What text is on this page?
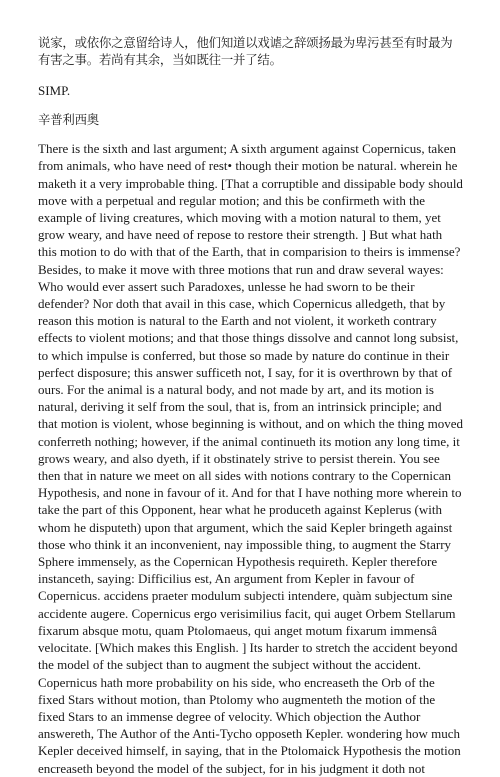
说家，或依你之意留给诗人，他们知道以戏谑之辞颂扬最为卑污甚至有时最为有害之事。若尚有其余，当如既往一并了结。

SIMP.

辛普利西奥

There is the sixth and last argument; A sixth argument against Copernicus, taken from animals, who have need of rest• though their motion be natural. wherein he maketh it a very improbable thing. [That a corruptible and dissipable body should move with a perpetual and regular motion; and this be confirmeth with the example of living creatures, which moving with a motion natural to them, yet grow weary, and have need of repose to restore their strength. ] But what hath this motion to do with that of the Earth, that in comparision to theirs is immense? Besides, to make it move with three motions that run and draw several wayes: Who would ever assert such Paradoxes, unlesse he had sworn to be their defender? Nor doth that avail in this case, which Copernicus alledgeth, that by reason this motion is natural to the Earth and not violent, it worketh contrary effects to violent motions; and that those things dissolve and cannot long subsist, to which impulse is conferred, but those so made by nature do continue in their perfect disposure; this answer sufficeth not, I say, for it is overthrown by that of ours. For the animal is a natural body, and not made by art, and its motion is natural, deriving it self from the soul, that is, from an intrinsick principle; and that motion is violent, whose beginning is without, and on which the thing moved conferreth nothing; however, if the animal continueth its motion any long time, it grows weary, and also dyeth, if it obstinately strive to persist therein. You see then that in nature we meet on all sides with notions contrary to the Copernican Hypothesis, and none in favour of it. And for that I have nothing more wherein to take the part of this Opponent, hear what he produceth against Keplerus (with whom he disputeth) upon that argument, which the said Kepler bringeth against those who think it an inconvenient, nay impossible thing, to augment the Starry Sphere immensely, as the Copernican Hypothesis requireth. Kepler therefore instanceth, saying: Difficilius est, An argument from Kepler in favour of Copernicus. accidens praeter modulum subjecti intendere, quàm subjectum sine accidente augere. Copernicus ergo verisimilius facit, qui auget Orbem Stellarum fixarum absque motu, quam Ptolomaeus, qui anget motum fixarum immensâ velocitate. [Which makes this English. ] Its harder to stretch the accident beyond the model of the subject than to augment the subject without the accident. Copernicus hath more probability on his side, who encreaseth the Orb of the fixed Stars without motion, than Ptolomy who augmenteth the motion of the fixed Stars to an immense degree of velocity. Which objection the Author answereth, The Author of the Anti-Tycho opposeth Kepler. wondering how much Kepler deceived himself, in saying, that in the Ptolomaick Hypothesis the motion encreaseth beyond the model of the subject, for in his judgment it doth not
